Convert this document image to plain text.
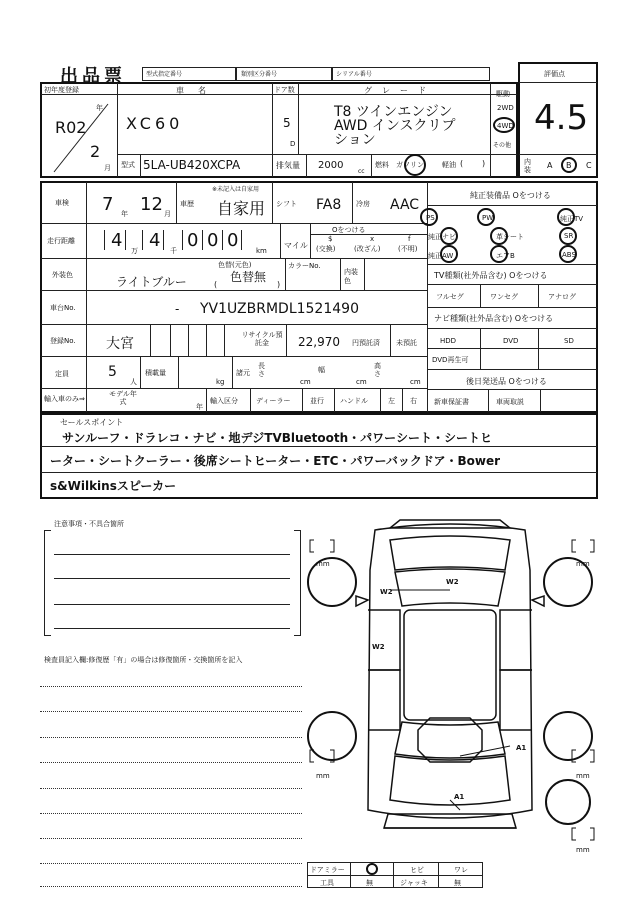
出品票	型式指定番号	類別区分番号	シリアル番号
初年度登録
R02
年
2
月
車名
XC60
ドア数
5
D
グレード
T8 ツインエンジン
AWD インスクリプ
ション
駆動
2WD
4WD
その他
型式 5LA-UB420XCPA	排気量 2000
cc
燃料 ガソリン	軽油 ( )
評価点
4.5
内装 A B C
車検 7 年 12 月
車歴
※未記入は自家用
自家用 シフト FA8 冷房 AAC
走行距離 4 万 4 千 0 0 0	km
マイル
Oをつける
$
(交換)
x
(改ざん)
f
(不明)
外装色	ライトブルー
色替(元色)
色替無
(	)
カラーNo.
内装色
車台No.	- YV1UZBRMDL1521490
登録No. 大宮
リサイクル預託金	22,970 円預託済 未預託
定員	5
人
積載量
kg
諸元
長さ
cm
幅
cm
高さ
cm
輸入車のみ⇒
モデル年式
年
輸入区分	ディーラー	並行 ハンドル	左 右
純正装備品 Oをつける
PS	PW	純正TV
純正ナビ	革シート	SR
純正AW	エアB	ABS
TV種類(社外品含む) Oをつける
フルセグ	ワンセグ	アナログ
ナビ種類(社外品含む) Oをつける
HDD	DVD	SD
DVD再生可
後日発送品 Oをつける
新車保証書	車両取説
セールスポイント
サンルーフ・ドラレコ・ナビ・地デジTVBluetooth・パワーシート・シートヒ
ーター・シートクーラー・後席シートヒーター・ETC・パワーバックドア・Bower
s&Wilkinsスピーカー
注意事項・不具合箇所
検査員記入欄:修復歴「有」の場合は修復箇所・交換箇所を記入
W2
W2
W2
A1
A1
mm	mm
mm	mm
mm
ドアミラー	ヒビ	ワレ
工具	無	ジャッキ	無
